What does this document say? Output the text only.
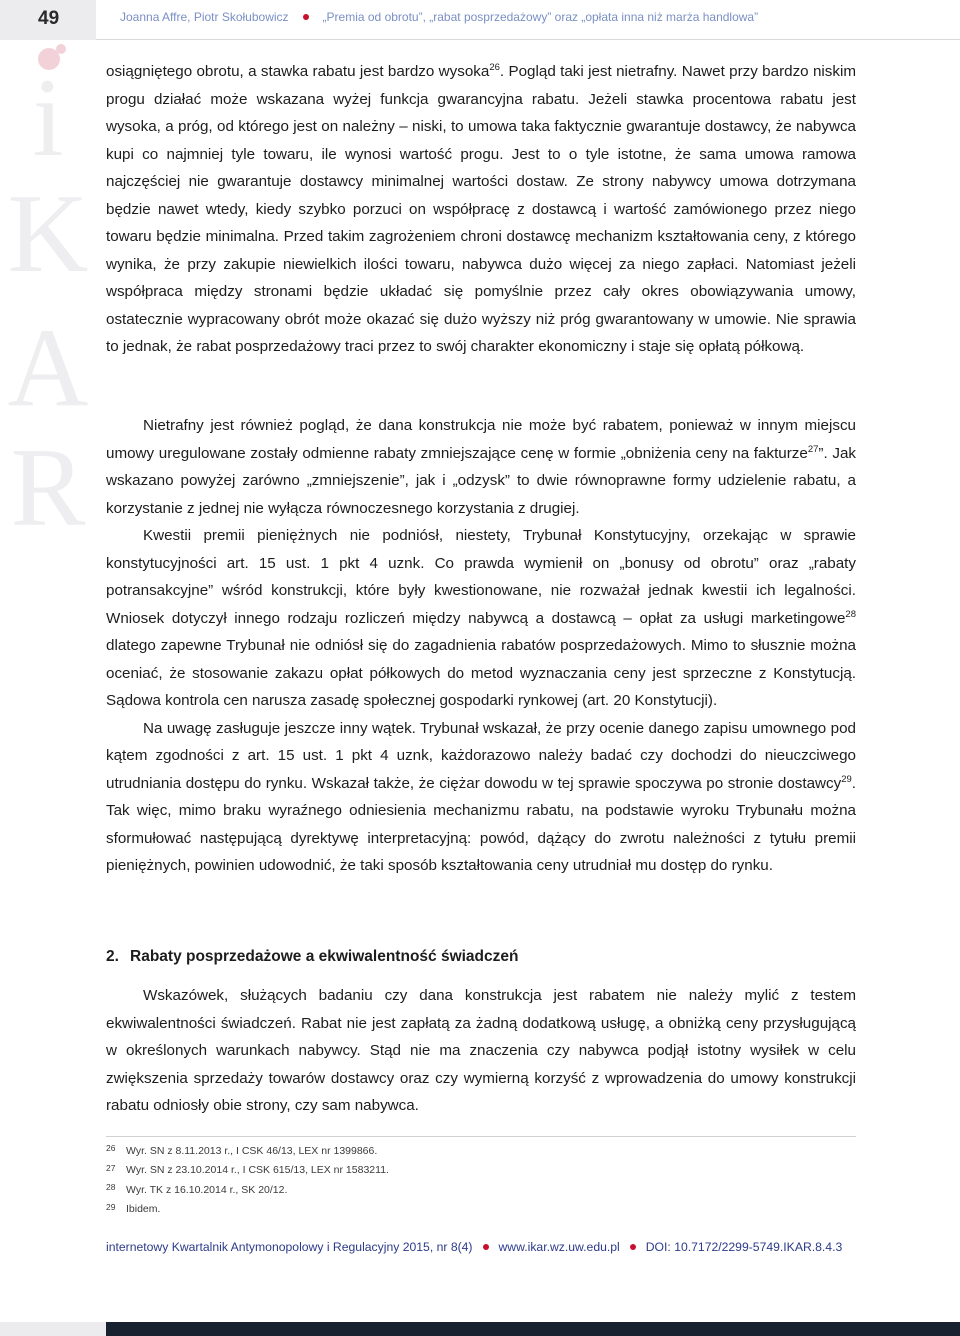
49
i
K
A
R
Joanna Affre, Piotr Skołubowicz	„Premia od obrotu”, „rabat posprzedażowy” oraz „opłata inna niż marża handlowa”

osiągniętego obrotu, a stawka rabatu jest bardzo wysoka$^{26}$. Pogląd taki jest nietrafny. Nawet przy bardzo niskim progu działać może wskazana wyżej funkcja gwarancyjna rabatu. Jeżeli stawka procentowa rabatu jest wysoka, a próg, od którego jest on należny – niski, to umowa taka faktycznie gwarantuje dostawcy, że nabywca kupi co najmniej tyle towaru, ile wynosi wartość progu. Jest to o tyle istotne, że sama umowa ramowa najczęściej nie gwarantuje dostawcy minimalnej wartości dostaw. Ze strony nabywcy umowa dotrzymana będzie nawet wtedy, kiedy szybko porzuci on współpracę z dostawcą i wartość zamówionego przez niego towaru będzie minimalna. Przed takim zagrożeniem chroni dostawcę mechanizm kształtowania ceny, z którego wynika, że przy zakupie niewielkich ilości towaru, nabywca dużo więcej za niego zapłaci. Natomiast jeżeli współpraca między stronami będzie układać się pomyślnie przez cały okres obowiązywania umowy, ostatecznie wypracowany obrót może okazać się dużo wyższy niż próg gwarantowany w umowie. Nie sprawia to jednak, że rabat posprzedażowy traci przez to swój charakter ekonomiczny i staje się opłatą półkową.

Nietrafny jest również pogląd, że dana konstrukcja nie może być rabatem, ponieważ w innym miejscu umowy uregulowane zostały odmienne rabaty zmniejszające cenę w formie „obniżenia ceny na fakturze$^{27}$”. Jak wskazano powyżej zarówno „zmniejszenie”, jak i „odzysk” to dwie równoprawne formy udzielenie rabatu, a korzystanie z jednej nie wyłącza równoczesnego korzystania z drugiej.

Kwestii premii pieniężnych nie podniósł, niestety, Trybunał Konstytucyjny, orzekając w sprawie konstytucyjności art. 15 ust. 1 pkt 4 uznk. Co prawda wymienił on „bonusy od obrotu” oraz „rabaty potransakcyjne” wśród konstrukcji, które były kwestionowane, nie rozważał jednak kwestii ich legalności. Wniosek dotyczył innego rodzaju rozliczeń między nabywcą a dostawcą – opłat za usługi marketingowe$^{28}$ dlatego zapewne Trybunał nie odniósł się do zagadnienia rabatów posprzedażowych. Mimo to słusznie można oceniać, że stosowanie zakazu opłat półkowych do metod wyznaczania ceny jest sprzeczne z Konstytucją. Sądowa kontrola cen narusza zasadę społecznej gospodarki rynkowej (art. 20 Konstytucji).

Na uwagę zasługuje jeszcze inny wątek. Trybunał wskazał, że przy ocenie danego zapisu umownego pod kątem zgodności z art. 15 ust. 1 pkt 4 uznk, każdorazowo należy badać czy dochodzi do nieuczciwego utrudniania dostępu do rynku. Wskazał także, że ciężar dowodu w tej sprawie spoczywa po stronie dostawcy$^{29}$. Tak więc, mimo braku wyraźnego odniesienia mechanizmu rabatu, na podstawie wyroku Trybunału można sformułować następującą dyrektywę interpretacyjną: powód, dążący do zwrotu należności z tytułu premii pieniężnych, powinien udowodnić, że taki sposób kształtowania ceny utrudniał mu dostęp do rynku.

2. Rabaty posprzedażowe a ekwiwalentność świadczeń

Wskazówek, służących badaniu czy dana konstrukcja jest rabatem nie należy mylić z testem ekwiwalentności świadczeń. Rabat nie jest zapłatą za żadną dodatkową usługę, a obniżką ceny przysługującą w określonych warunkach nabywcy. Stąd nie ma znaczenia czy nabywca podjął istotny wysiłek w celu zwiększenia sprzedaży towarów dostawcy oraz czy wymierną korzyść z wprowadzenia do umowy konstrukcji rabatu odniosły obie strony, czy sam nabywca.

26	Wyr. SN z 8.11.2013 r., I CSK 46/13, LEX nr 1399866.
27	Wyr. SN z 23.10.2014 r., I CSK 615/13, LEX nr 1583211.
28	Wyr. TK z 16.10.2014 r., SK 20/12.
29	Ibidem.
internetowy Kwartalnik Antymonopolowy i Regulacyjny 2015, nr 8(4) www.ikar.wz.uw.edu.pl DOI: 10.7172/2299-5749.IKAR.8.4.3
